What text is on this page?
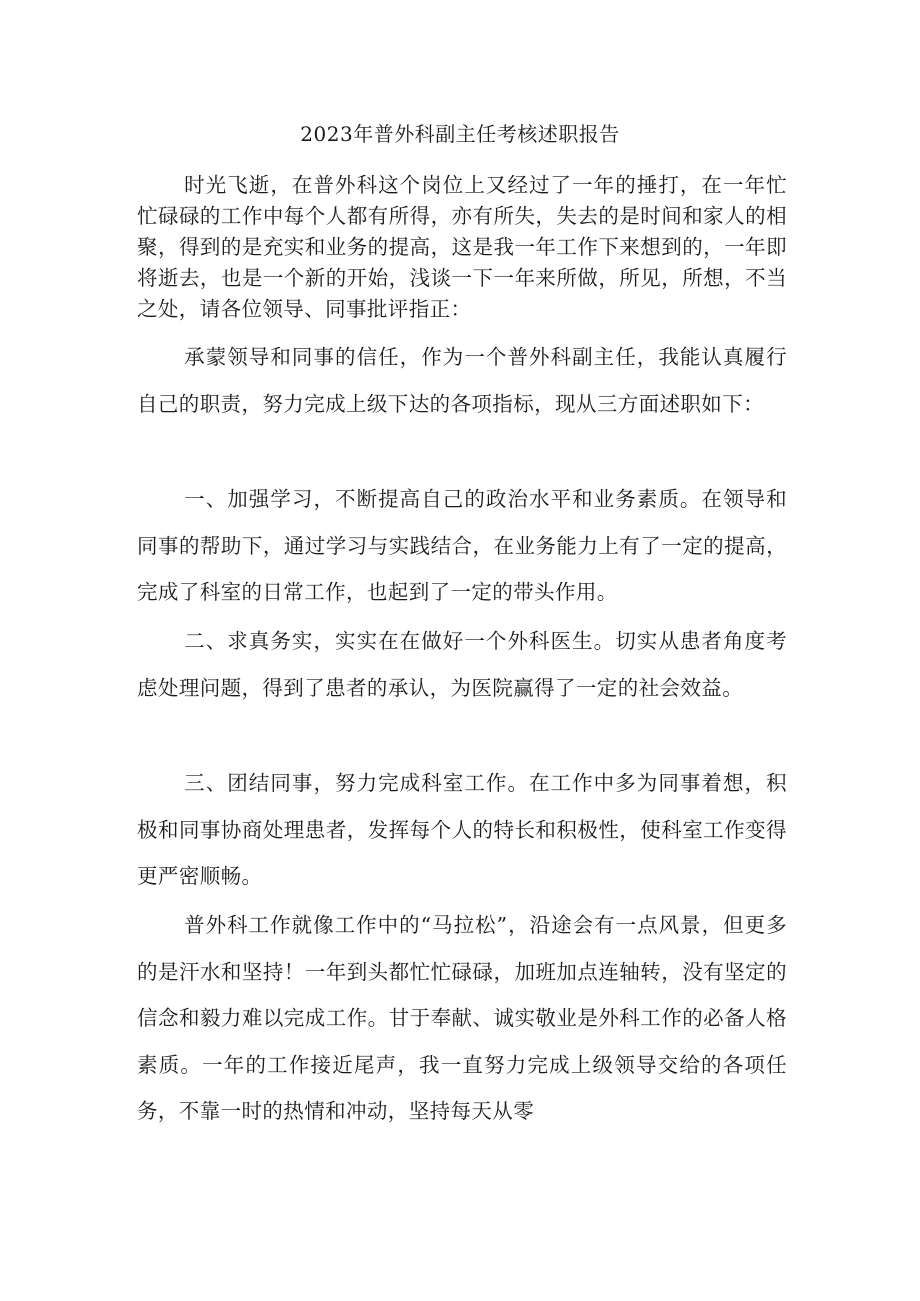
2023年普外科副主任考核述职报告

时光飞逝，在普外科这个岗位上又经过了一年的捶打，在一年忙忙碌碌的工作中每个人都有所得，亦有所失，失去的是时间和家人的相聚，得到的是充实和业务的提高，这是我一年工作下来想到的，一年即将逝去，也是一个新的开始，浅谈一下一年来所做，所见，所想，不当之处，请各位领导、同事批评指正：

承蒙领导和同事的信任，作为一个普外科副主任，我能认真履行自己的职责，努力完成上级下达的各项指标，现从三方面述职如下：

一、加强学习，不断提高自己的政治水平和业务素质。在领导和同事的帮助下，通过学习与实践结合，在业务能力上有了一定的提高，完成了科室的日常工作，也起到了一定的带头作用。

二、求真务实，实实在在做好一个外科医生。切实从患者角度考虑处理问题，得到了患者的承认，为医院赢得了一定的社会效益。

三、团结同事，努力完成科室工作。在工作中多为同事着想，积极和同事协商处理患者，发挥每个人的特长和积极性，使科室工作变得更严密顺畅。

普外科工作就像工作中的“马拉松”，沿途会有一点风景，但更多的是汗水和坚持！一年到头都忙忙碌碌，加班加点连轴转，没有坚定的信念和毅力难以完成工作。甘于奉献、诚实敬业是外科工作的必备人格素质。一年的工作接近尾声，我一直努力完成上级领导交给的各项任务，不靠一时的热情和冲动，坚持每天从零
